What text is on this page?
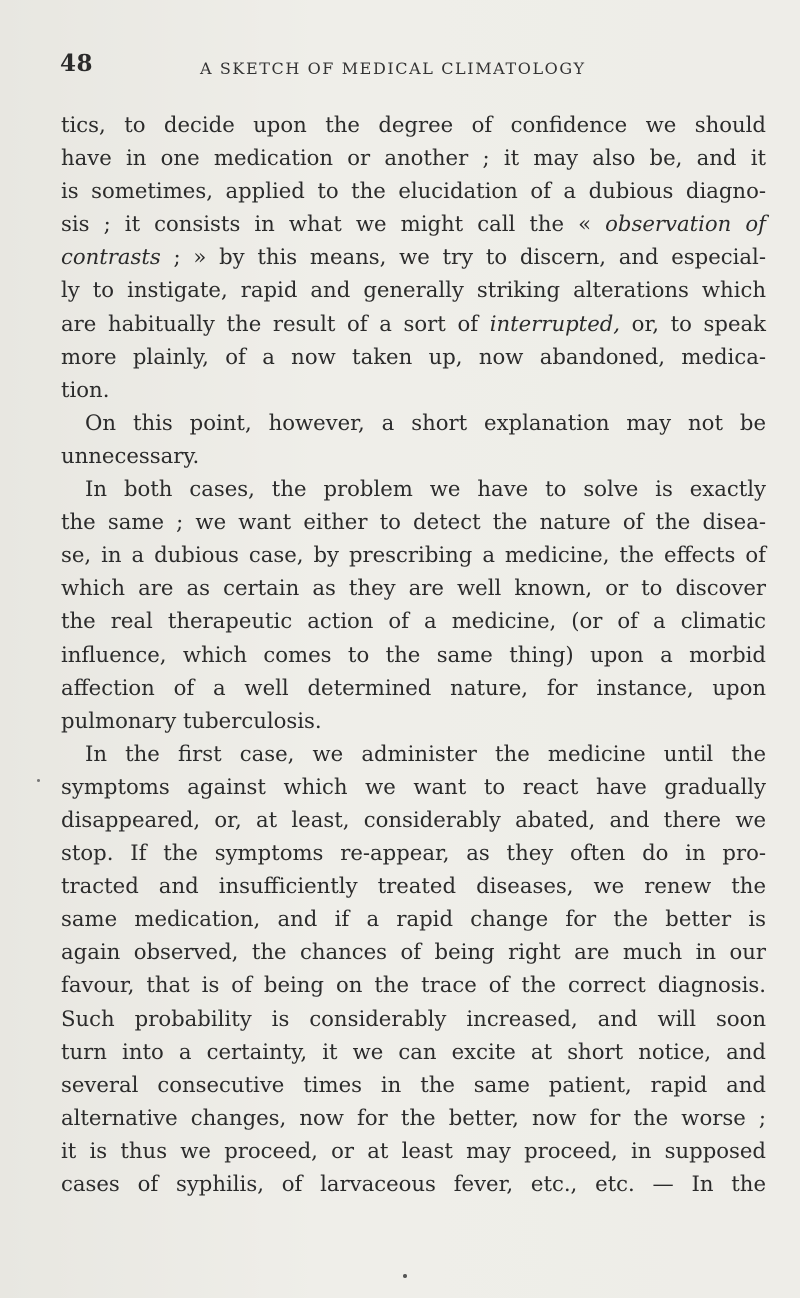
48	A SKETCH OF MEDICAL CLIMATOLOGY
tics, to decide upon the degree of confidence we should
have in one medication or another ; it may also be, and it
is sometimes, applied to the elucidation of a dubious diagno-
sis ; it consists in what we might call the « observation of
contrasts ; » by this means, we try to discern, and especial-
ly to instigate, rapid and generally striking alterations which
are habitually the result of a sort of interrupted, or, to speak
more plainly, of a now taken up, now abandoned, medica-
tion.
On this point, however, a short explanation may not be
unnecessary.
In both cases, the problem we have to solve is exactly
the same ; we want either to detect the nature of the disea-
se, in a dubious case, by prescribing a medicine, the effects of
which are as certain as they are well known, or to discover
the real therapeutic action of a medicine, (or of a climatic
influence, which comes to the same thing) upon a morbid
affection of a well determined nature, for instance, upon
pulmonary tuberculosis.
In the first case, we administer the medicine until the
symptoms against which we want to react have gradually
disappeared, or, at least, considerably abated, and there we
stop. If the symptoms re-appear, as they often do in pro-
tracted and insufficiently treated diseases, we renew the
same medication, and if a rapid change for the better is
again observed, the chances of being right are much in our
favour, that is of being on the trace of the correct diagnosis.
Such probability is considerably increased, and will soon
turn into a certainty, it we can excite at short notice, and
several consecutive times in the same patient, rapid and
alternative changes, now for the better, now for the worse ;
it is thus we proceed, or at least may proceed, in supposed
cases of syphilis, of larvaceous fever, etc., etc. — In the
